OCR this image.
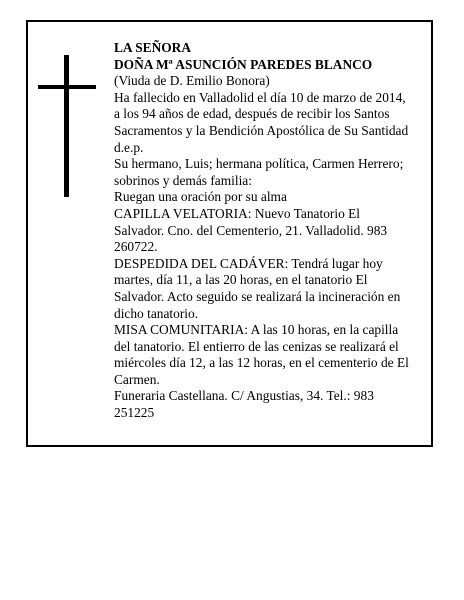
LA SEÑORA
DOÑA Mª ASUNCIÓN PAREDES BLANCO
(Viuda de D. Emilio Bonora)
Ha fallecido en Valladolid el día 10 de marzo de 2014,
a los 94 años de edad, después de recibir los Santos
Sacramentos y la Bendición Apostólica de Su Santidad
d.e.p.
Su hermano, Luis; hermana política, Carmen Herrero;
sobrinos y demás familia:
Ruegan una oración por su alma
CAPILLA VELATORIA: Nuevo Tanatorio El
Salvador. Cno. del Cementerio, 21. Valladolid. 983
260722.
DESPEDIDA DEL CADÁVER: Tendrá lugar hoy
martes, día 11, a las 20 horas, en el tanatorio El
Salvador. Acto seguido se realizará la incineración en
dicho tanatorio.
MISA COMUNITARIA: A las 10 horas, en la capilla
del tanatorio. El entierro de las cenizas se realizará el
miércoles día 12, a las 12 horas, en el cementerio de El
Carmen.
Funeraria Castellana. C/ Angustias, 34. Tel.: 983
251225
